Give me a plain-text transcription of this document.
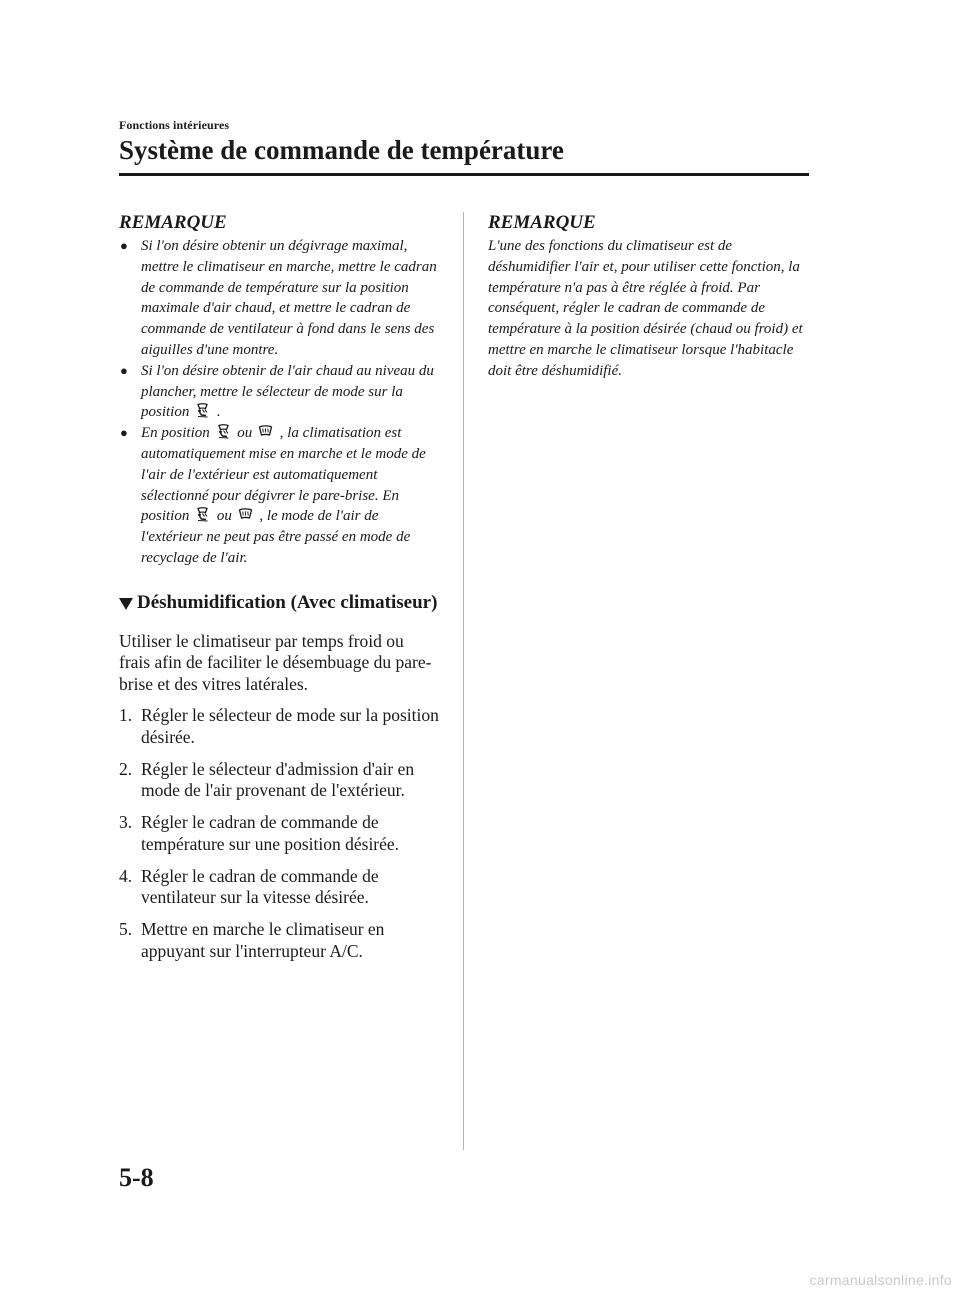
Fonctions intérieures
Système de commande de température
REMARQUE
● Si l'on désire obtenir un dégivrage maximal, mettre le climatiseur en marche, mettre le cadran de commande de température sur la position maximale d'air chaud, et mettre le cadran de commande de ventilateur à fond dans le sens des aiguilles d'une montre.
● Si l'on désire obtenir de l'air chaud au niveau du plancher, mettre le sélecteur de mode sur la position .
● En position ou , la climatisation est automatiquement mise en marche et le mode de l'air de l'extérieur est automatiquement sélectionné pour dégivrer le pare-brise. En position ou , le mode de l'air de l'extérieur ne peut pas être passé en mode de recyclage de l'air.
Déshumidification (Avec climatiseur)

Utiliser le climatiseur par temps froid ou frais afin de faciliter le désembuage du pare-brise et des vitres latérales.

1. Régler le sélecteur de mode sur la position désirée.
2. Régler le sélecteur d'admission d'air en mode de l'air provenant de l'extérieur.
3. Régler le cadran de commande de température sur une position désirée.
4. Régler le cadran de commande de ventilateur sur la vitesse désirée.
5. Mettre en marche le climatiseur en appuyant sur l'interrupteur A/C.
REMARQUE

L'une des fonctions du climatiseur est de déshumidifier l'air et, pour utiliser cette fonction, la température n'a pas à être réglée à froid. Par conséquent, régler le cadran de commande de température à la position désirée (chaud ou froid) et mettre en marche le climatiseur lorsque l'habitacle doit être déshumidifié.

5-8
carmanualsonline.info
